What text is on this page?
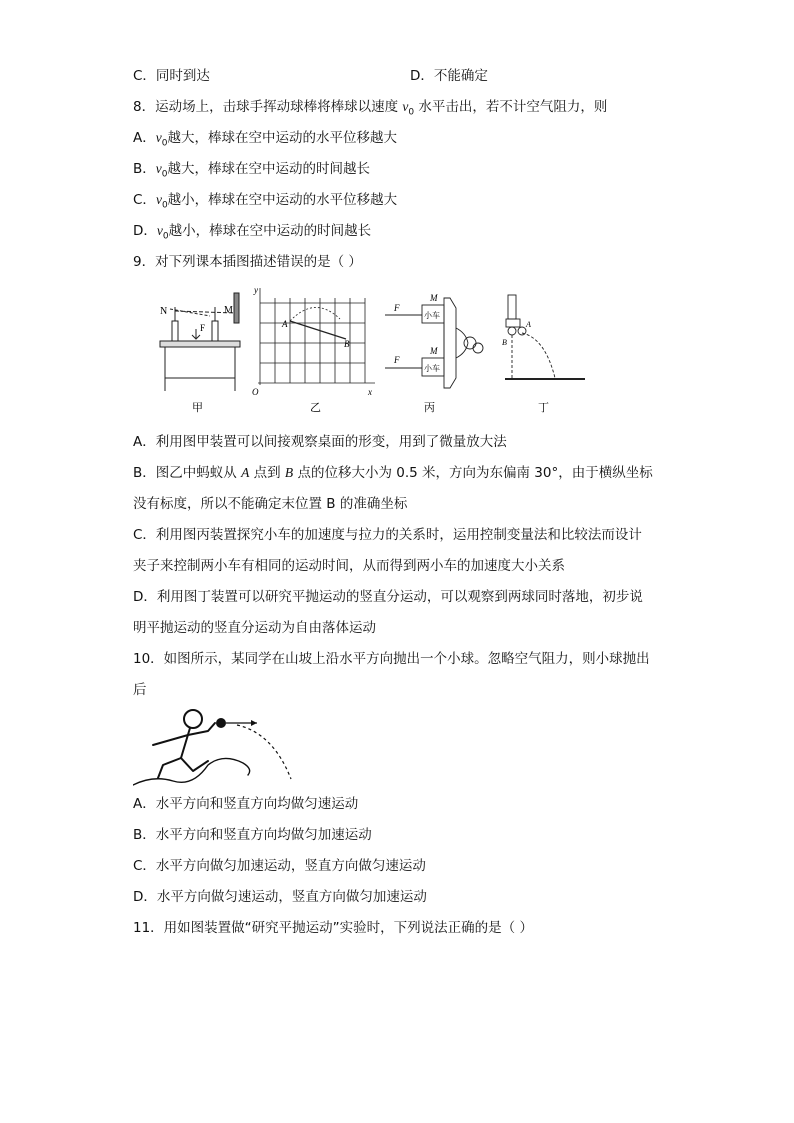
C．同时到达	D．不能确定
8．运动场上，击球手挥动球棒将棒球以速度 $v_0$ 水平击出，若不计空气阻力，则
A．$v_0$越大，棒球在空中运动的水平位移越大
B．$v_0$越大，棒球在空中运动的时间越长
C．$v_0$越小，棒球在空中运动的水平位移越大
D．$v_0$越小，棒球在空中运动的时间越长
9．对下列课本插图描述错误的是（ ）
N	M
F
甲
y
x
O
A
B
乙
F
F
M
M
小车
小车
丙
A
B
丁
A．利用图甲装置可以间接观察桌面的形变，用到了微量放大法
B．图乙中蚂蚁从 A 点到 B 点的位移大小为 0.5 米，方向为东偏南 30°，由于横纵坐标
没有标度，所以不能确定末位置 B 的准确坐标
C．利用图丙装置探究小车的加速度与拉力的关系时，运用控制变量法和比较法而设计
夹子来控制两小车有相同的运动时间，从而得到两小车的加速度大小关系
D．利用图丁装置可以研究平抛运动的竖直分运动，可以观察到两球同时落地，初步说
明平抛运动的竖直分运动为自由落体运动
10．如图所示，某同学在山坡上沿水平方向抛出一个小球。忽略空气阻力，则小球抛出
后
A．水平方向和竖直方向均做匀速运动
B．水平方向和竖直方向均做匀加速运动
C．水平方向做匀加速运动，竖直方向做匀速运动
D．水平方向做匀速运动，竖直方向做匀加速运动
11．用如图装置做“研究平抛运动”实验时，下列说法正确的是（ ）
